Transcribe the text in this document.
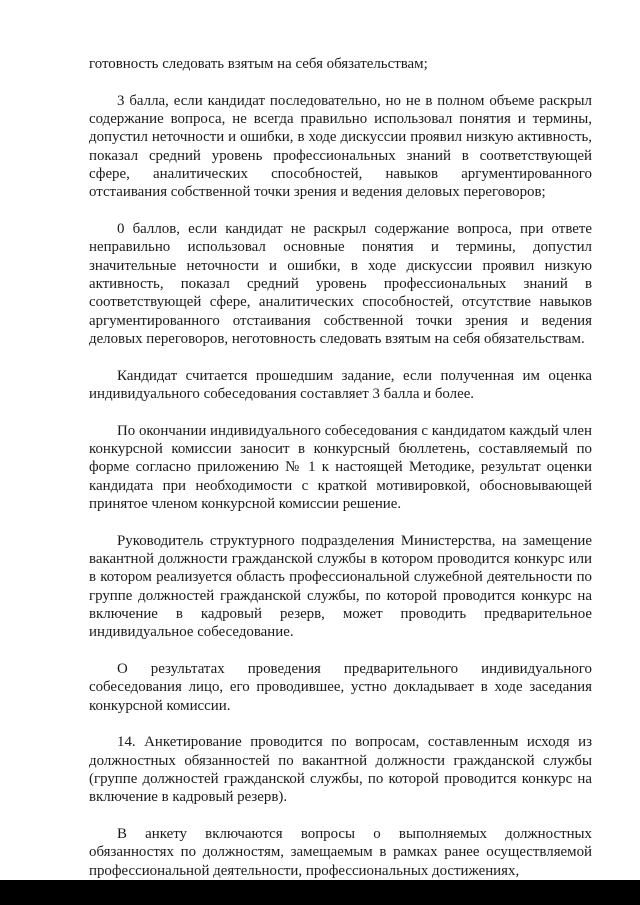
готовность следовать взятым на себя обязательствам;

3 балла, если кандидат последовательно, но не в полном объеме раскрыл содержание вопроса, не всегда правильно использовал понятия и термины, допустил неточности и ошибки, в ходе дискуссии проявил низкую активность, показал средний уровень профессиональных знаний в соответствующей сфере, аналитических способностей, навыков аргументированного отстаивания собственной точки зрения и ведения деловых переговоров;

0 баллов, если кандидат не раскрыл содержание вопроса, при ответе неправильно использовал основные понятия и термины, допустил значительные неточности и ошибки, в ходе дискуссии проявил низкую активность, показал средний уровень профессиональных знаний в соответствующей сфере, аналитических способностей, отсутствие навыков аргументированного отстаивания собственной точки зрения и ведения деловых переговоров, неготовность следовать взятым на себя обязательствам.

Кандидат считается прошедшим задание, если полученная им оценка индивидуального собеседования составляет 3 балла и более.

По окончании индивидуального собеседования с кандидатом каждый член конкурсной комиссии заносит в конкурсный бюллетень, составляемый по форме согласно приложению № 1 к настоящей Методике, результат оценки кандидата при необходимости с краткой мотивировкой, обосновывающей принятое членом конкурсной комиссии решение.

Руководитель структурного подразделения Министерства, на замещение вакантной должности гражданской службы в котором проводится конкурс или в котором реализуется область профессиональной служебной деятельности по группе должностей гражданской службы, по которой проводится конкурс на включение в кадровый резерв, может проводить предварительное индивидуальное собеседование.

О результатах проведения предварительного индивидуального собеседования лицо, его проводившее, устно докладывает в ходе заседания конкурсной комиссии.

14. Анкетирование проводится по вопросам, составленным исходя из должностных обязанностей по вакантной должности гражданской службы (группе должностей гражданской службы, по которой проводится конкурс на включение в кадровый резерв).

В анкету включаются вопросы о выполняемых должностных обязанностях по должностям, замещаемым в рамках ранее осуществляемой профессиональной деятельности, профессиональных достижениях,
